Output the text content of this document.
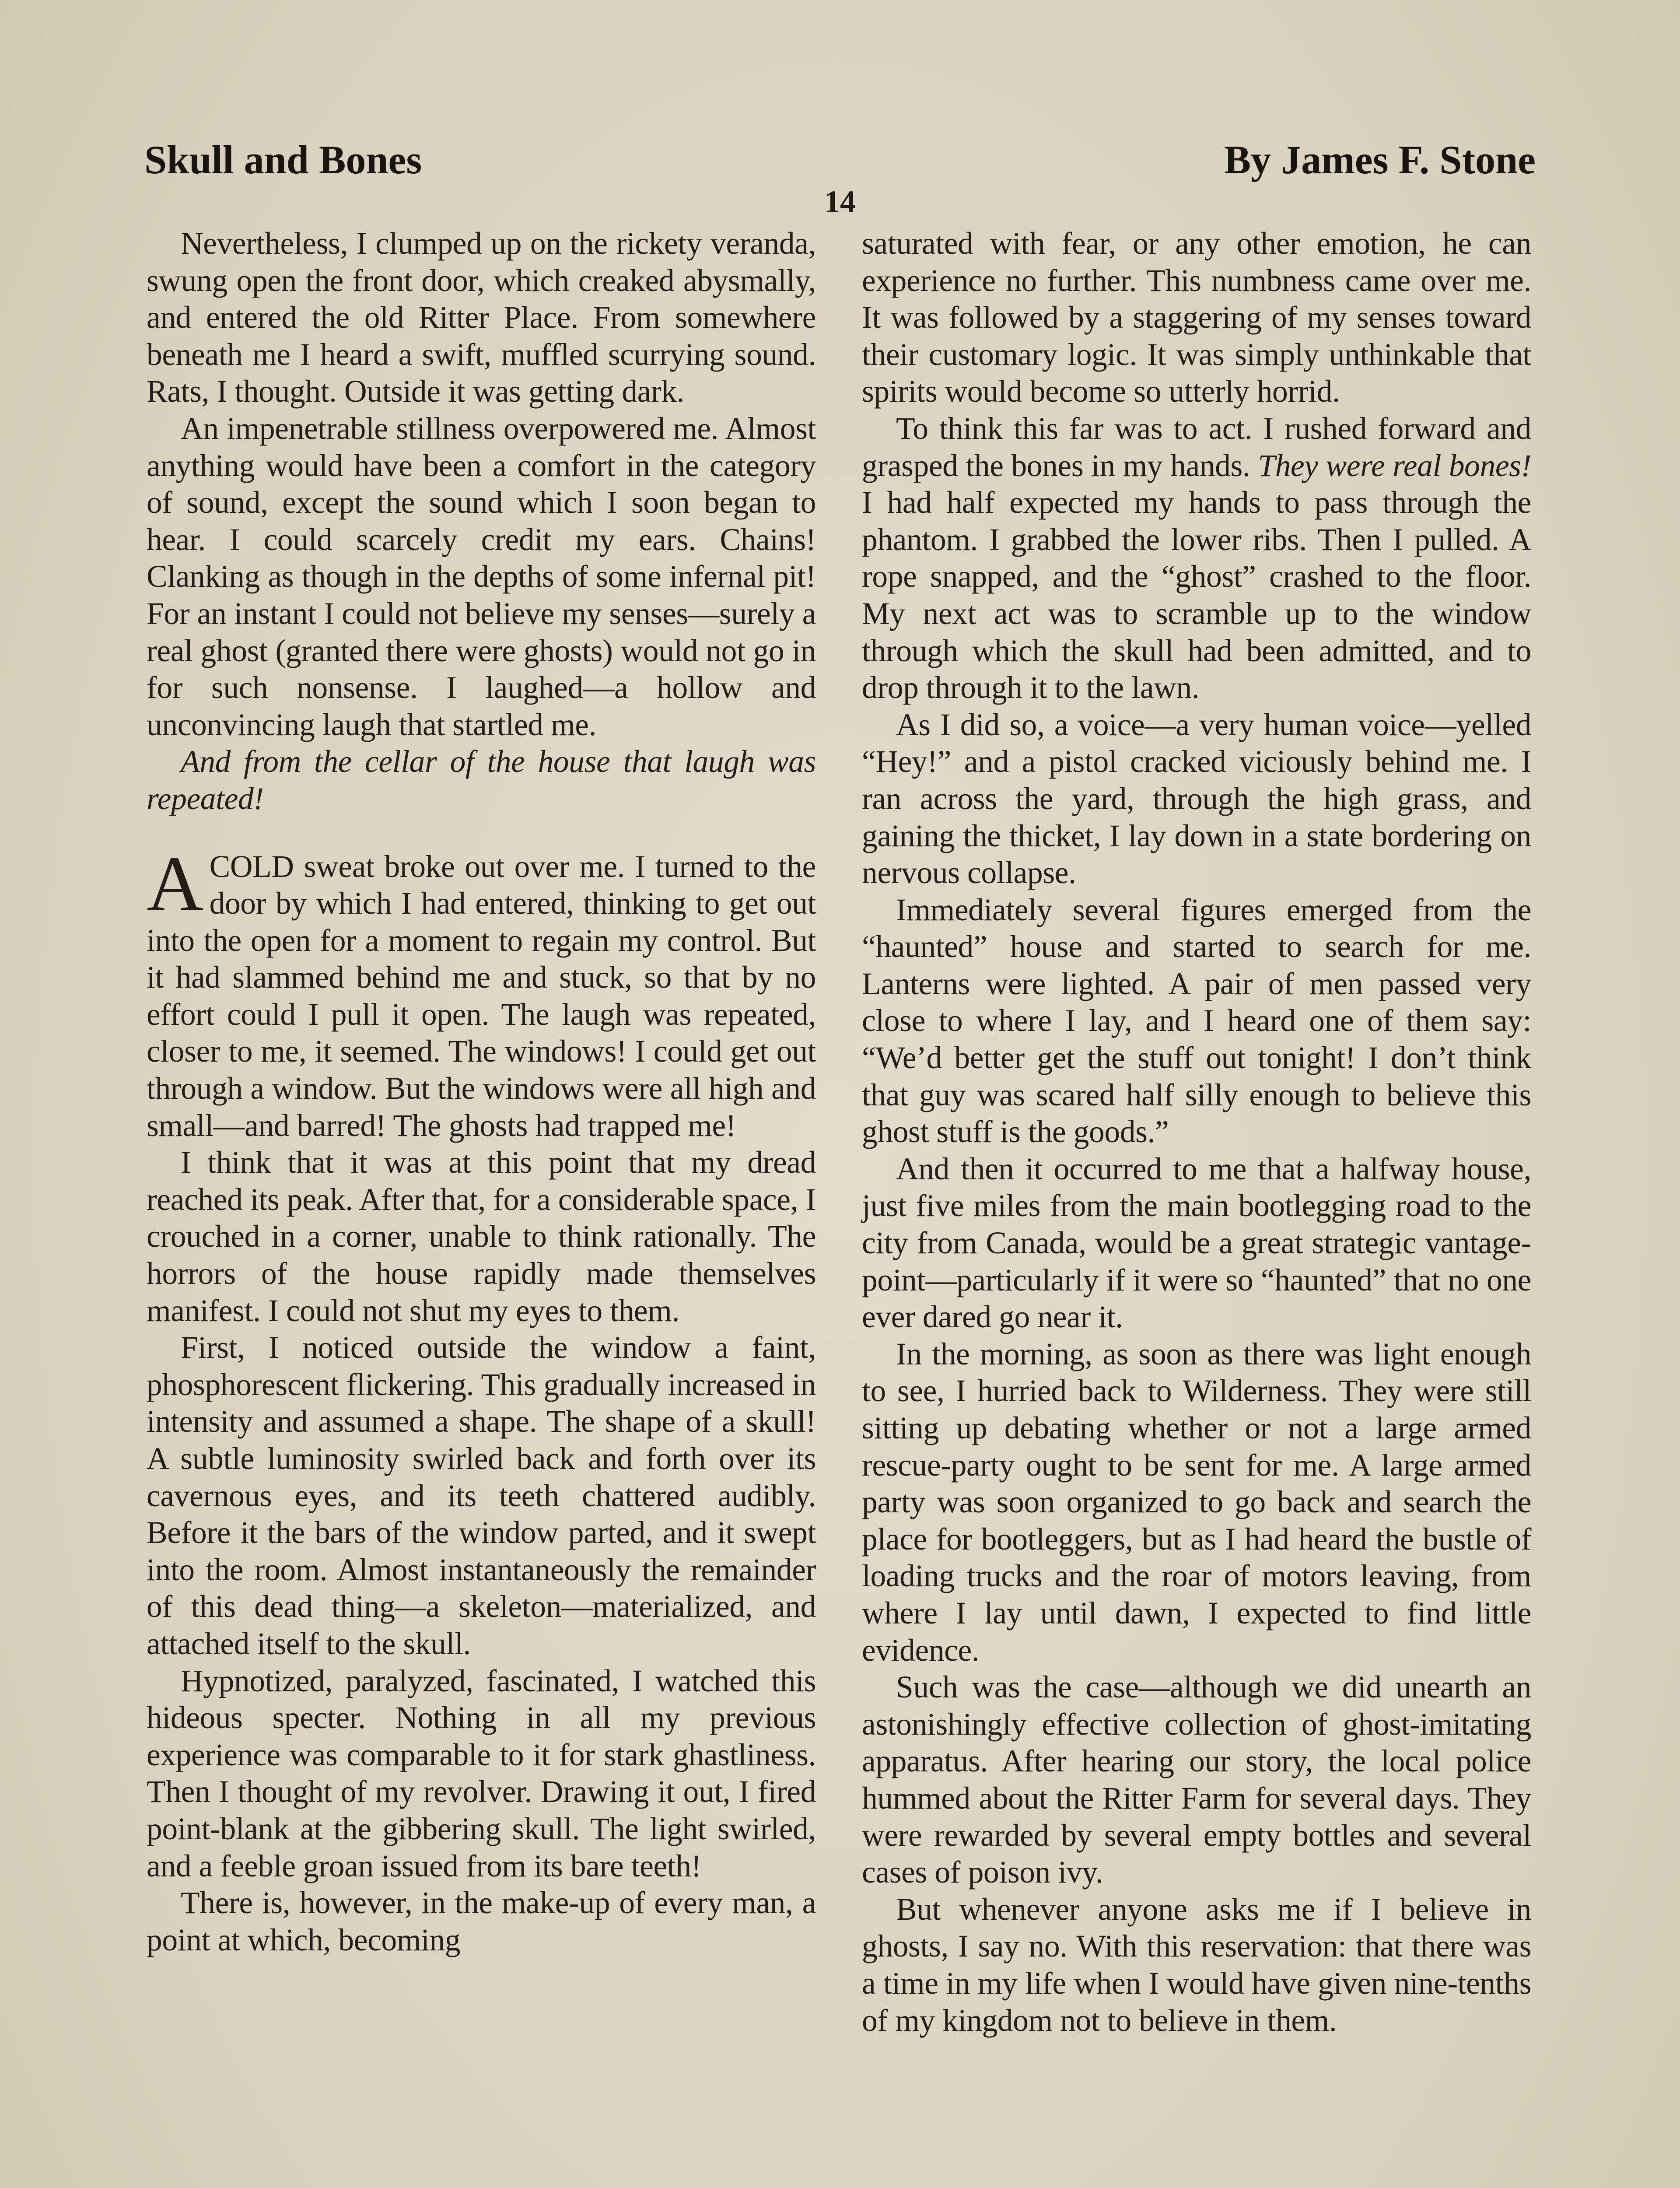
Skull and Bones	By James F. Stone
14

Nevertheless, I clumped up on the rickety veranda, swung open the front door, which creaked abysmally, and entered the old Ritter Place. From somewhere beneath me I heard a swift, muffled scurrying sound. Rats, I thought. Outside it was getting dark.

An impenetrable stillness overpowered me. Almost anything would have been a comfort in the category of sound, except the sound which I soon began to hear. I could scarcely credit my ears. Chains! Clanking as though in the depths of some infernal pit! For an instant I could not believe my senses—surely a real ghost (granted there were ghosts) would not go in for such nonsense. I laughed—a hollow and unconvincing laugh that startled me.

And from the cellar of the house that laugh was repeated!

ACOLD sweat broke out over me. I turned to the door by which I had entered, thinking to get out into the open for a moment to regain my control. But it had slammed behind me and stuck, so that by no effort could I pull it open. The laugh was repeated, closer to me, it seemed. The windows! I could get out through a window. But the windows were all high and small—and barred! The ghosts had trapped me!

I think that it was at this point that my dread reached its peak. After that, for a considerable space, I crouched in a corner, unable to think rationally. The horrors of the house rapidly made themselves manifest. I could not shut my eyes to them.

First, I noticed outside the window a faint, phosphorescent flickering. This gradually increased in intensity and assumed a shape. The shape of a skull! A subtle luminosity swirled back and forth over its cavernous eyes, and its teeth chattered audibly. Before it the bars of the window parted, and it swept into the room. Almost instantaneously the remainder of this dead thing—a skeleton—materialized, and attached itself to the skull.

Hypnotized, paralyzed, fascinated, I watched this hideous specter. Nothing in all my previous experience was comparable to it for stark ghastliness. Then I thought of my revolver. Drawing it out, I fired point-blank at the gibbering skull. The light swirled, and a feeble groan issued from its bare teeth!

There is, however, in the make-up of every man, a point at which, becoming

saturated with fear, or any other emotion, he can experience no further. This numbness came over me. It was followed by a staggering of my senses toward their customary logic. It was simply unthinkable that spirits would become so utterly horrid.

To think this far was to act. I rushed forward and grasped the bones in my hands. They were real bones! I had half expected my hands to pass through the phantom. I grabbed the lower ribs. Then I pulled. A rope snapped, and the “ghost” crashed to the floor. My next act was to scramble up to the window through which the skull had been admitted, and to drop through it to the lawn.

As I did so, a voice—a very human voice—yelled “Hey!” and a pistol cracked viciously behind me. I ran across the yard, through the high grass, and gaining the thicket, I lay down in a state bordering on nervous collapse.

Immediately several figures emerged from the “haunted” house and started to search for me. Lanterns were lighted. A pair of men passed very close to where I lay, and I heard one of them say: “We’d better get the stuff out tonight! I don’t think that guy was scared half silly enough to believe this ghost stuff is the goods.”

And then it occurred to me that a halfway house, just five miles from the main bootlegging road to the city from Canada, would be a great strategic vantage-point—particularly if it were so “haunted” that no one ever dared go near it.

In the morning, as soon as there was light enough to see, I hurried back to Wilderness. They were still sitting up debating whether or not a large armed rescue-party ought to be sent for me. A large armed party was soon organized to go back and search the place for bootleggers, but as I had heard the bustle of loading trucks and the roar of motors leaving, from where I lay until dawn, I expected to find little evidence.

Such was the case—although we did unearth an astonishingly effective collection of ghost-imitating apparatus. After hearing our story, the local police hummed about the Ritter Farm for several days. They were rewarded by several empty bottles and several cases of poison ivy.

But whenever anyone asks me if I believe in ghosts, I say no. With this reservation: that there was a time in my life when I would have given nine-tenths of my kingdom not to believe in them.
